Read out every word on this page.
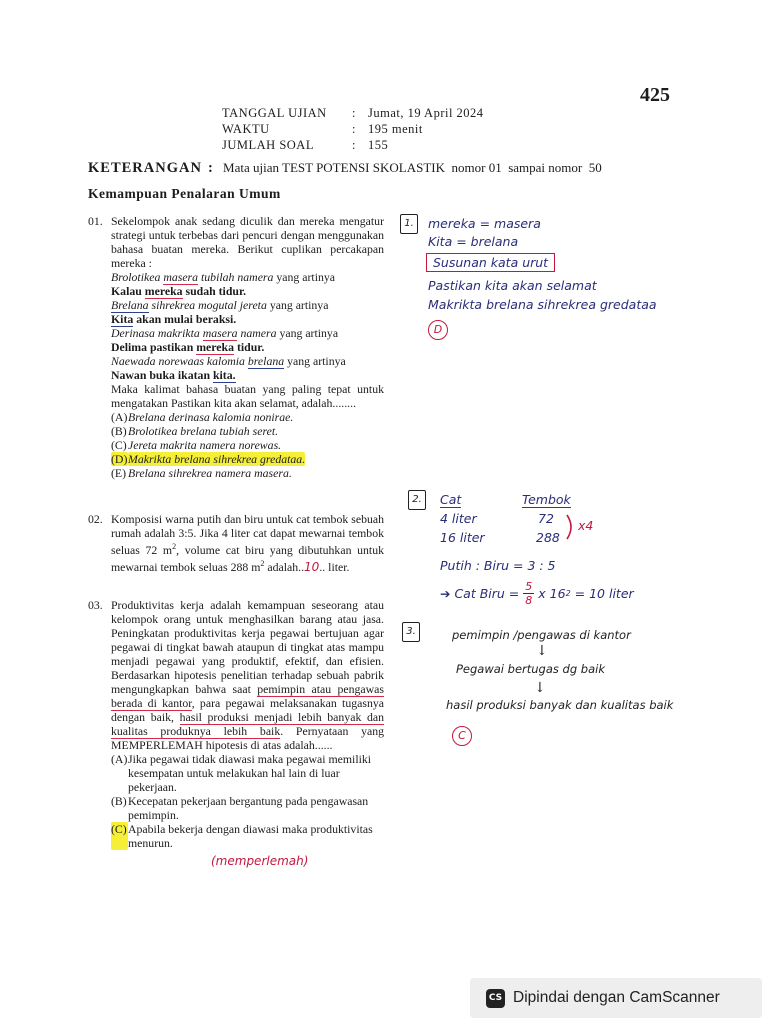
425
TANGGAL UJIAN	: Jumat, 19 April 2024
WAKTU	: 195 menit
JUMLAH SOAL	: 155
KETERANGAN : Mata ujian TEST POTENSI SKOLASTIK nomor 01 sampai nomor 50
Kemampuan Penalaran Umum
01. Sekelompok anak sedang diculik dan mereka mengatur strategi untuk terbebas dari pencuri dengan menggunakan bahasa buatan mereka. Berikut cuplikan percakapan mereka :
Brolotikea masera tubilah namera yang artinya
Kalau mereka sudah tidur.
Brelana sihrekrea mogutal jereta yang artinya
Kita akan mulai beraksi.
Derinasa makrikta masera namera yang artinya
Delima pastikan mereka tidur.
Naewada norewaas kalomia brelana yang artinya
Nawan buka ikatan kita.
Maka kalimat bahasa buatan yang paling tepat untuk mengatakan Pastikan kita akan selamat, adalah........
(A) Brelana derinasa kalomia nonirae.
(B) Brolotikea brelana tubiah seret.
(C) Jereta makrita namera norewas.
(D) Makrikta brelana sihrekrea gredataa.
(E) Brelana sihrekrea namera masera.
02. Komposisi warna putih dan biru untuk cat tembok sebuah rumah adalah 3:5. Jika 4 liter cat dapat mewarnai tembok seluas 72 $m^2$, volume cat biru yang dibutuhkan untuk mewarnai tembok seluas 288 $m^2$ adalah..10.. liter.
03. Produktivitas kerja adalah kemampuan seseorang atau kelompok orang untuk menghasilkan barang atau jasa. Peningkatan produktivitas kerja pegawai bertujuan agar pegawai di tingkat bawah ataupun di tingkat atas mampu menjadi pegawai yang produktif, efektif, dan efisien. Berdasarkan hipotesis penelitian terhadap sebuah pabrik mengungkapkan bahwa saat pemimpin atau pengawas berada di kantor, para pegawai melaksanakan tugasnya dengan baik, hasil produksi menjadi lebih banyak dan kualitas produknya lebih baik. Pernyataan yang MEMPERLEMAH hipotesis di atas adalah......
(A) Jika pegawai tidak diawasi maka pegawai memiliki kesempatan untuk melakukan hal lain di luar pekerjaan.
(B) Kecepatan pekerjaan bergantung pada pengawasan pemimpin.
(C) Apabila bekerja dengan diawasi maka produktivitas menurun.
(memperlemah)
1.	mereka = masera
Kita = brelana
Susunan kata urut
Pastikan kita akan selamat
Makrikta brelana sihrekrea gredataa
D
2.	Cat	Tembok
4 liter	72
16 liter	288
x4
Putih : Biru = 3 : 5
➔ Cat Biru = $\frac{5}{8}$ x 16 2
= 10 liter
3.	pemimpin /pengawas di kantor
↓
Pegawai bertugas dg baik
↓
hasil produksi banyak dan kualitas baik
C
CS Dipindai dengan CamScanner
